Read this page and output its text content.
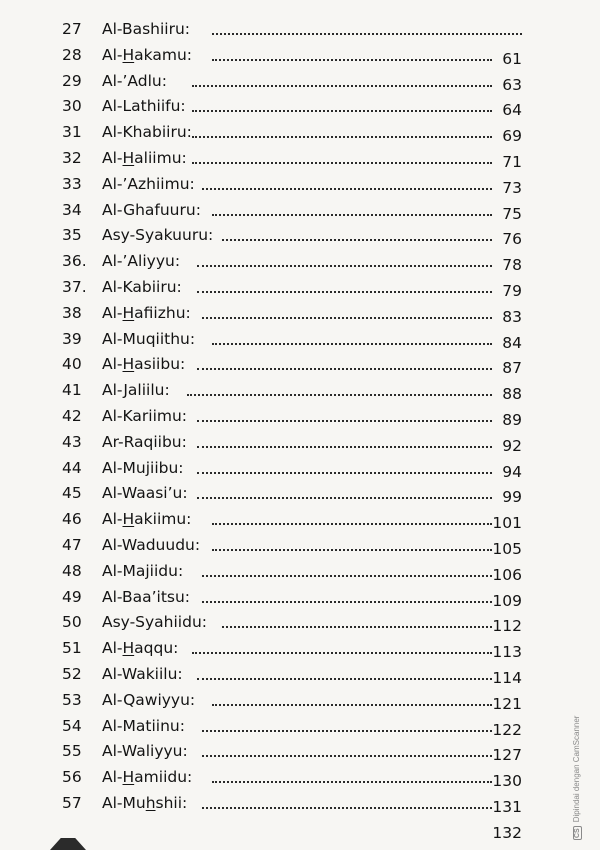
27 Al-Bashiiru:
28 Al-Hakamu:	61
29 Al-’Adlu:	63
30 Al-Lathiifu:	64
31 Al-Khabiiru:	69
32 Al-Haliimu:	71
33 Al-’Azhiimu:	73
34 Al-Ghafuuru:	75
35 Asy-Syakuuru:	76
36. Al-’Aliyyu:	78
37. Al-Kabiiru:	79
38 Al-Hafiizhu:	83
39 Al-Muqiithu:	84
40 Al-Hasiibu:	87
41 Al-Jaliilu:	88
42 Al-Kariimu:	89
43 Ar-Raqiibu:	92
44 Al-Mujiibu:	94
45 Al-Waasi’u:	99
46 Al-Hakiimu:	101
47 Al-Waduudu:	105
48 Al-Majiidu:	106
49 Al-Baa’itsu:	109
50 Asy-Syahiidu:	112
51 Al-Haqqu:	113
52 Al-Wakiilu:	114
53 Al-Qawiyyu:	121
54 Al-Matiinu:	122
55 Al-Waliyyu:	127
56 Al-Hamiidu:	130
57 Al-Muhshii:	131
132	CSDipindai dengan CamScanner
